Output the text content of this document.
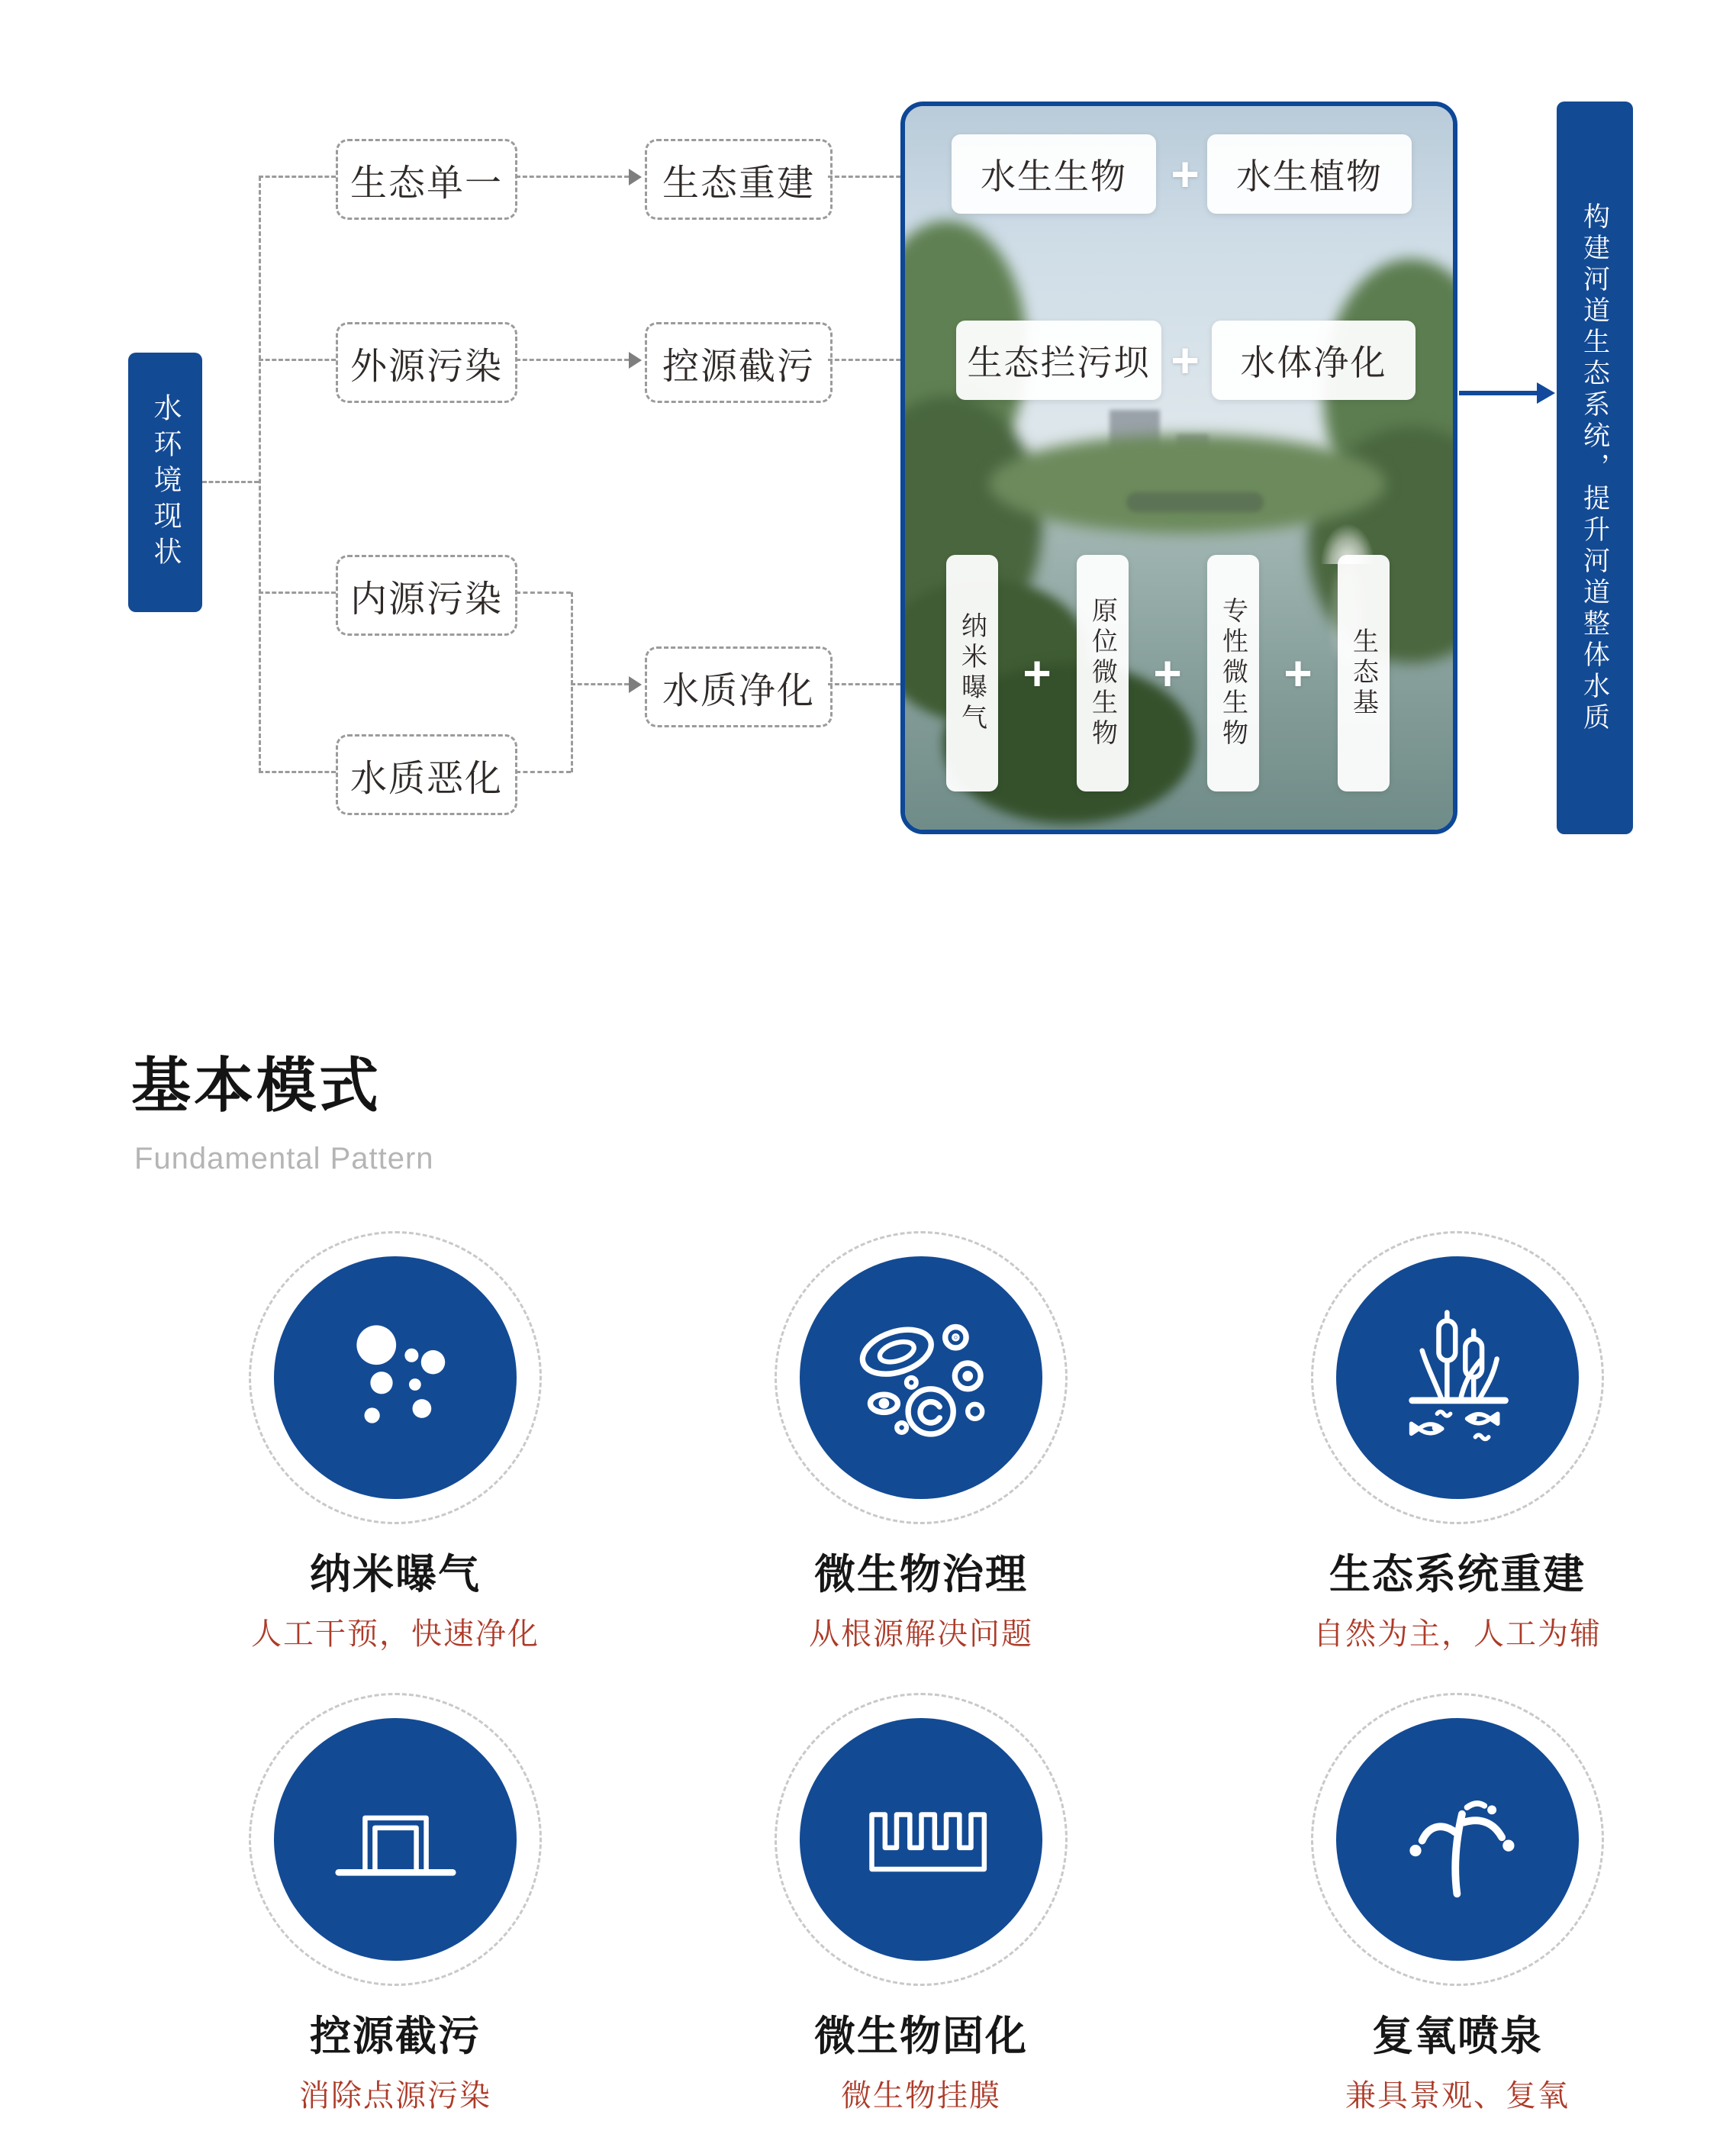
水环境现状
生态单一
外源污染
内源污染
水质恶化
生态重建
控源截污
水质净化
水生生物 + 水生植物
生态拦污坝 + 水体净化
纳米曝气 + 原位微生物 + 专性微生物 + 生态基	构建河道生态系统，提升河道整体水质
基本模式
Fundamental Pattern
纳米曝气
人工干预，快速净化
微生物治理
从根源解决问题
生态系统重建
自然为主，人工为辅
控源截污
消除点源污染
微生物固化
微生物挂膜
复氧喷泉
兼具景观、复氧
